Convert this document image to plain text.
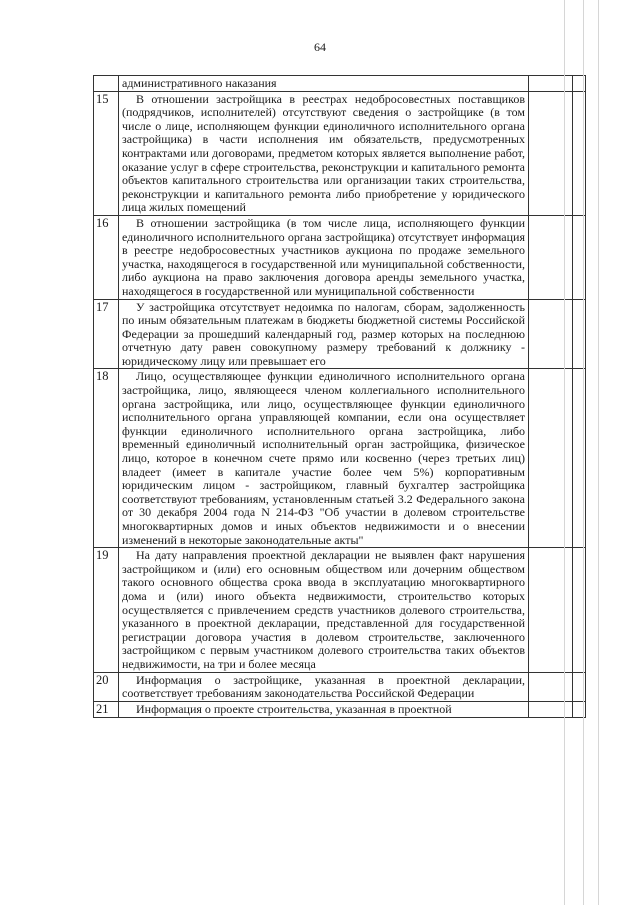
64

	административного наказания		

15	В отношении застройщика в реестрах недобросовестных поставщиков (подрядчиков, исполнителей) отсутствуют сведения о застройщике (в том числе о лице, исполняющем функции единоличного исполнительного органа застройщика) в части исполнения им обязательств, предусмотренных контрактами или договорами, предметом которых является выполнение работ, оказание услуг в сфере строительства, реконструкции и капитального ремонта объектов капитального строительства или организации таких строительства, реконструкции и капитального ремонта либо приобретение у юридического лица жилых помещений		

16	В отношении застройщика (в том числе лица, исполняющего функции единоличного исполнительного органа застройщика) отсутствует информация в реестре недобросовестных участников аукциона по продаже земельного участка, находящегося в государственной или муниципальной собственности, либо аукциона на право заключения договора аренды земельного участка, находящегося в государственной или муниципальной собственности		

17	У застройщика отсутствует недоимка по налогам, сборам, задолженность по иным обязательным платежам в бюджеты бюджетной системы Российской Федерации за прошедший календарный год, размер которых на последнюю отчетную дату равен совокупному размеру требований к должнику - юридическому лицу или превышает его		

18	Лицо, осуществляющее функции единоличного исполнительного органа застройщика, лицо, являющееся членом коллегиального исполнительного органа застройщика, или лицо, осуществляющее функции единоличного исполнительного органа управляющей компании, если она осуществляет функции единоличного исполнительного органа застройщика, либо временный единоличный исполнительный орган застройщика, физическое лицо, которое в конечном счете прямо или косвенно (через третьих лиц) владеет (имеет в капитале участие более чем 5%) корпоративным юридическим лицом - застройщиком, главный бухгалтер застройщика соответствуют требованиям, установленным статьей 3.2 Федерального закона от 30 декабря 2004 года N 214-ФЗ "Об участии в долевом строительстве многоквартирных домов и иных объектов недвижимости и о внесении изменений в некоторые законодательные акты"		

19	На дату направления проектной декларации не выявлен факт нарушения застройщиком и (или) его основным обществом или дочерним обществом такого основного общества срока ввода в эксплуатацию многоквартирного дома и (или) иного объекта недвижимости, строительство которых осуществляется с привлечением средств участников долевого строительства, указанного в проектной декларации, представленной для государственной регистрации договора участия в долевом строительстве, заключенного застройщиком с первым участником долевого строительства таких объектов недвижимости, на три и более месяца		

20	Информация о застройщике, указанная в проектной декларации, соответствует требованиям законодательства Российской Федерации		

21	Информация о проекте строительства, указанная в проектной		
